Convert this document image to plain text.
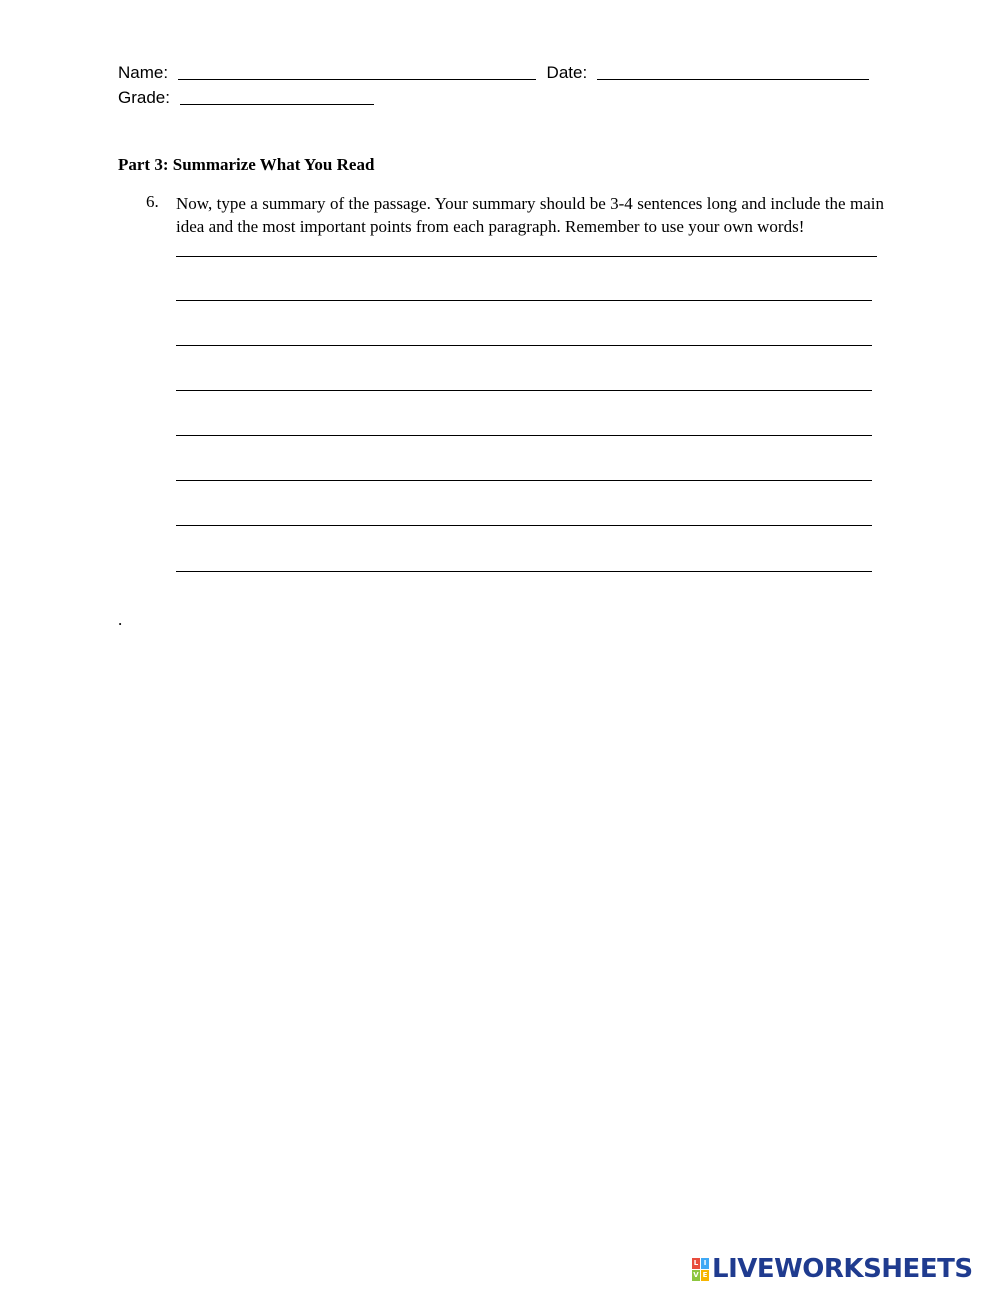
Name:	Date:
Grade:
Part 3: Summarize What You Read
6. Now, type a summary of the passage. Your summary should be 3-4 sentences long and include the main idea and the most important points from each paragraph. Remember to use your own words!
.
L I
V E LIVEWORKSHEETS
